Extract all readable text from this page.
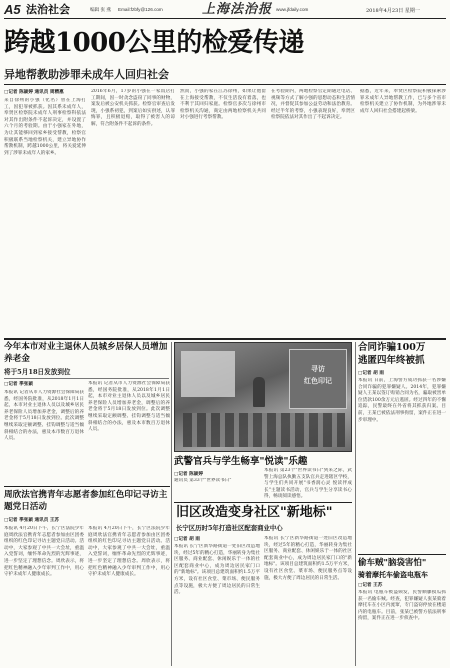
A5 法治社会	编辑 张 燕 Email:fzbfy@126.com	上海法治报 www.jfdaily.com	2018年4月23日 星期一
跨越1000公里的检爱传递
异地帮教助涉罪未成年人回归社会
□记者 陈颖婷 通讯员 周精惠
来自徐州的小强（化名）曾在上海打工，因犯罪被抓获。因其系未成年人，奉贤区检察院未成年人刑事检察科依法对其作出附条件不起诉决定，并设置了六个月的考验期。由于小强家在外地，为让其能够回到家乡接受帮教，检察官积极联系当地检察机关，建立异地协作帮教机制，跨越1000公里，将关爱延伸到了涉罪未成年人的家乡。
2016年6月，17岁的小强在一家饭店打工期间，因一时贪念盗窃了同事的财物，案发后被公安机关抓获。检察官审查后发现，小强系初犯，到案后如实供述，认罪悔罪，且积极退赔，取得了被害人的谅解，符合附条件不起诉的条件。
然而，小强的家在江苏徐州，如果让他留在上海接受帮教，不仅生活没有着落，也不利于其回归家庭。检察官多次与徐州市检察机关沟通，商定由两地检察机关共同对小强进行考察帮教。
在考验期内，两地检察官定期通过电话、视频等方式了解小强的思想动态和生活情况，并督促其参加公益劳动和法治教育。经过半年的考察，小强表现良好，奉贤区检察院依法对其作出了不起诉决定。
据悉，近年来，奉贤区检察院积极探索涉罪未成年人异地帮教工作，已与多个省市检察机关建立了协作机制，为外地涉罪未成年人回归社会搭建起桥梁。
今年本市对业主退休人员城乡居保人员增加养老金
将于5月18日发放到位
□记者 季张颖
本报讯 记者从市人力资源社会保障局获悉，经国务院批准，从2018年1月1日起，本市对业主退休人员以及城乡居民养老保险人员增加养老金，调整后的养老金将于5月18日发放到位。此次调整继续采取定额调整、挂钩调整与适当倾斜相结合的办法，惠及本市数百万退休人员。
本报讯 记者从市人力资源社会保障局获悉，经国务院批准，从2018年1月1日起，本市对业主退休人员以及城乡居民养老保险人员增加养老金，调整后的养老金将于5月18日发放到位。此次调整继续采取定额调整、挂钩调整与适当倾斜相结合的办法，惠及本市数百万退休人员。
周欣法官携青年志愿者参加红色印记寻访主题党日活动
□记者 季张颖 通讯员 王苏
本报讯 4月20日下午，长宁区法院少年庭周欣法官携青年志愿者参加由区团委组织的红色印记寻访主题党日活动。活动中，大家参观了中共一大会址，重温入党誓词，缅怀革命先烈的光辉事迹，进一步坚定了理想信念。周欣表示，将把红色精神融入少年审判工作中，用心守护未成年人健康成长。
本报讯 4月20日下午，长宁区法院少年庭周欣法官携青年志愿者参加由区团委组织的红色印记寻访主题党日活动。活动中，大家参观了中共一大会址，重温入党誓词，缅怀革命先烈的光辉事迹，进一步坚定了理想信念。周欣表示，将把红色精神融入少年审判工作中，用心守护未成年人健康成长。
寻访
红色印记
武警官兵与学生畅享"悦读"乐趣
□记者 陈颖婷
通讯员 第33个"世界读书日"
本报讯 第23个"世界读书日"到来之际，武警上海总队执勤五支队官兵走进辖区学校，与学生们共同开展"书香润心灵 悦读伴成长"主题读书活动，官兵与学生分享读书心得，畅谈阅读感悟。
旧区改造变身社区"新地标"
长宁区历时5年打造社区配套商业中心
□记者 胡 雨
本报讯 长宁区新华路街道一处旧区改造地块，经过5年的精心打造，华丽转身为集社区服务、商业配套、休闲娱乐于一体的社区配套商业中心，成为周边居民家门口的"新地标"。该项目总建筑面积约1.5万平方米，设有社区食堂、菜市场、便民服务点等设施，极大方便了周边居民的日常生活。
本报讯 长宁区新华路街道一处旧区改造地块，经过5年的精心打造，华丽转身为集社区服务、商业配套、休闲娱乐于一体的社区配套商业中心，成为周边居民家门口的"新地标"。该项目总建筑面积约1.5万平方米，设有社区食堂、菜市场、便民服务点等设施，极大方便了周边居民的日常生活。
合同诈骗100万
逃匿四年终被抓
□记者 胡 雨
本报讯 日前，上海警方成功抓获一名涉嫌合同诈骗的犯罪嫌疑人。2014年，犯罪嫌疑人王某以签订购销合同为名，骗取被害单位货款100余万元后逃匿。经过四年的不懈追踪，民警最终在外省将其抓获归案。目前，王某已被依法刑事拘留，案件正在进一步审理中。
偷车贼"脑袋害怕"
骑着摩托车偷盗电瓶车
□记者 王苏
本报讯 电瓶车被盗频发，民警顺藤摸瓜抓获一名偷车贼。经查，犯罪嫌疑人张某骑着摩托车在小区内流窜，专门盗窃停放在楼道内的电瓶车。目前，张某已被警方依法刑事拘留，案件正在进一步侦查中。
